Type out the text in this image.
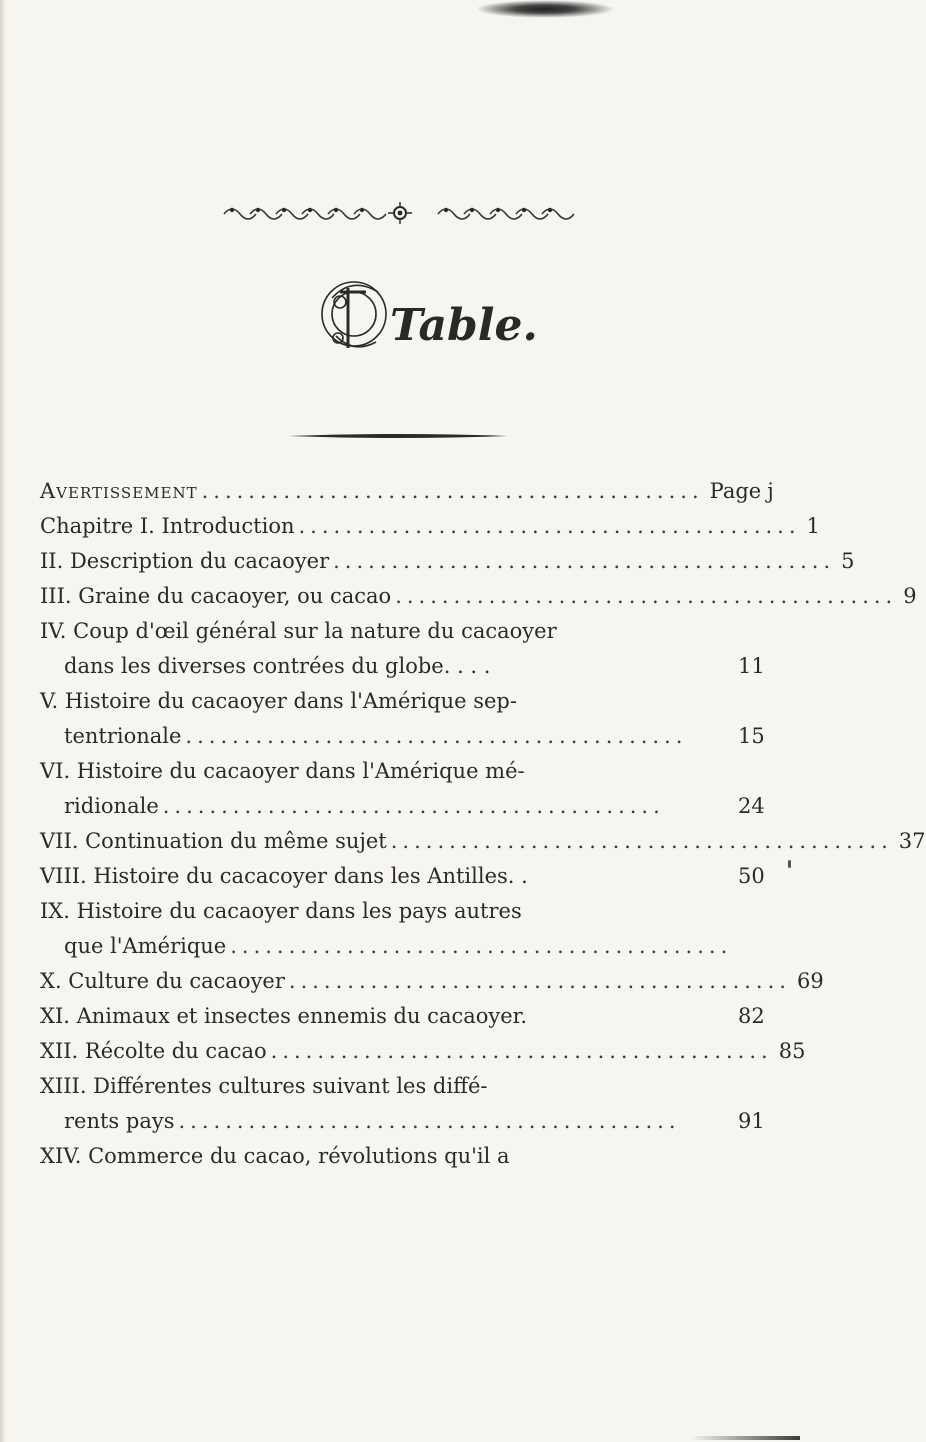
Table.
Avertissement ........................................... Page j
Chapitre I. Introduction ........................................... 1
II. Description du cacaoyer ........................................... 5
III. Graine du cacaoyer, ou cacao ........................................... 9
IV. Coup d'œil général sur la nature du cacaoyer
dans les diverses contrées du globe. . . .	11
V. Histoire du cacaoyer dans l'Amérique sep-
tentrionale ...........................................	15
VI. Histoire du cacaoyer dans l'Amérique mé-
ridionale ...........................................	24
VII. Continuation du même sujet ........................................... 37
VIII. Histoire du cacacoyer dans les Antilles. .	50
IX. Histoire du cacaoyer dans les pays autres
que l'Amérique ...........................................
X. Culture du cacaoyer ........................................... 69
XI. Animaux et insectes ennemis du cacaoyer.	82
XII. Récolte du cacao ........................................... 85
XIII. Différentes cultures suivant les diffé-
rents pays ...........................................	91
XIV. Commerce du cacao, révolutions qu'il a
